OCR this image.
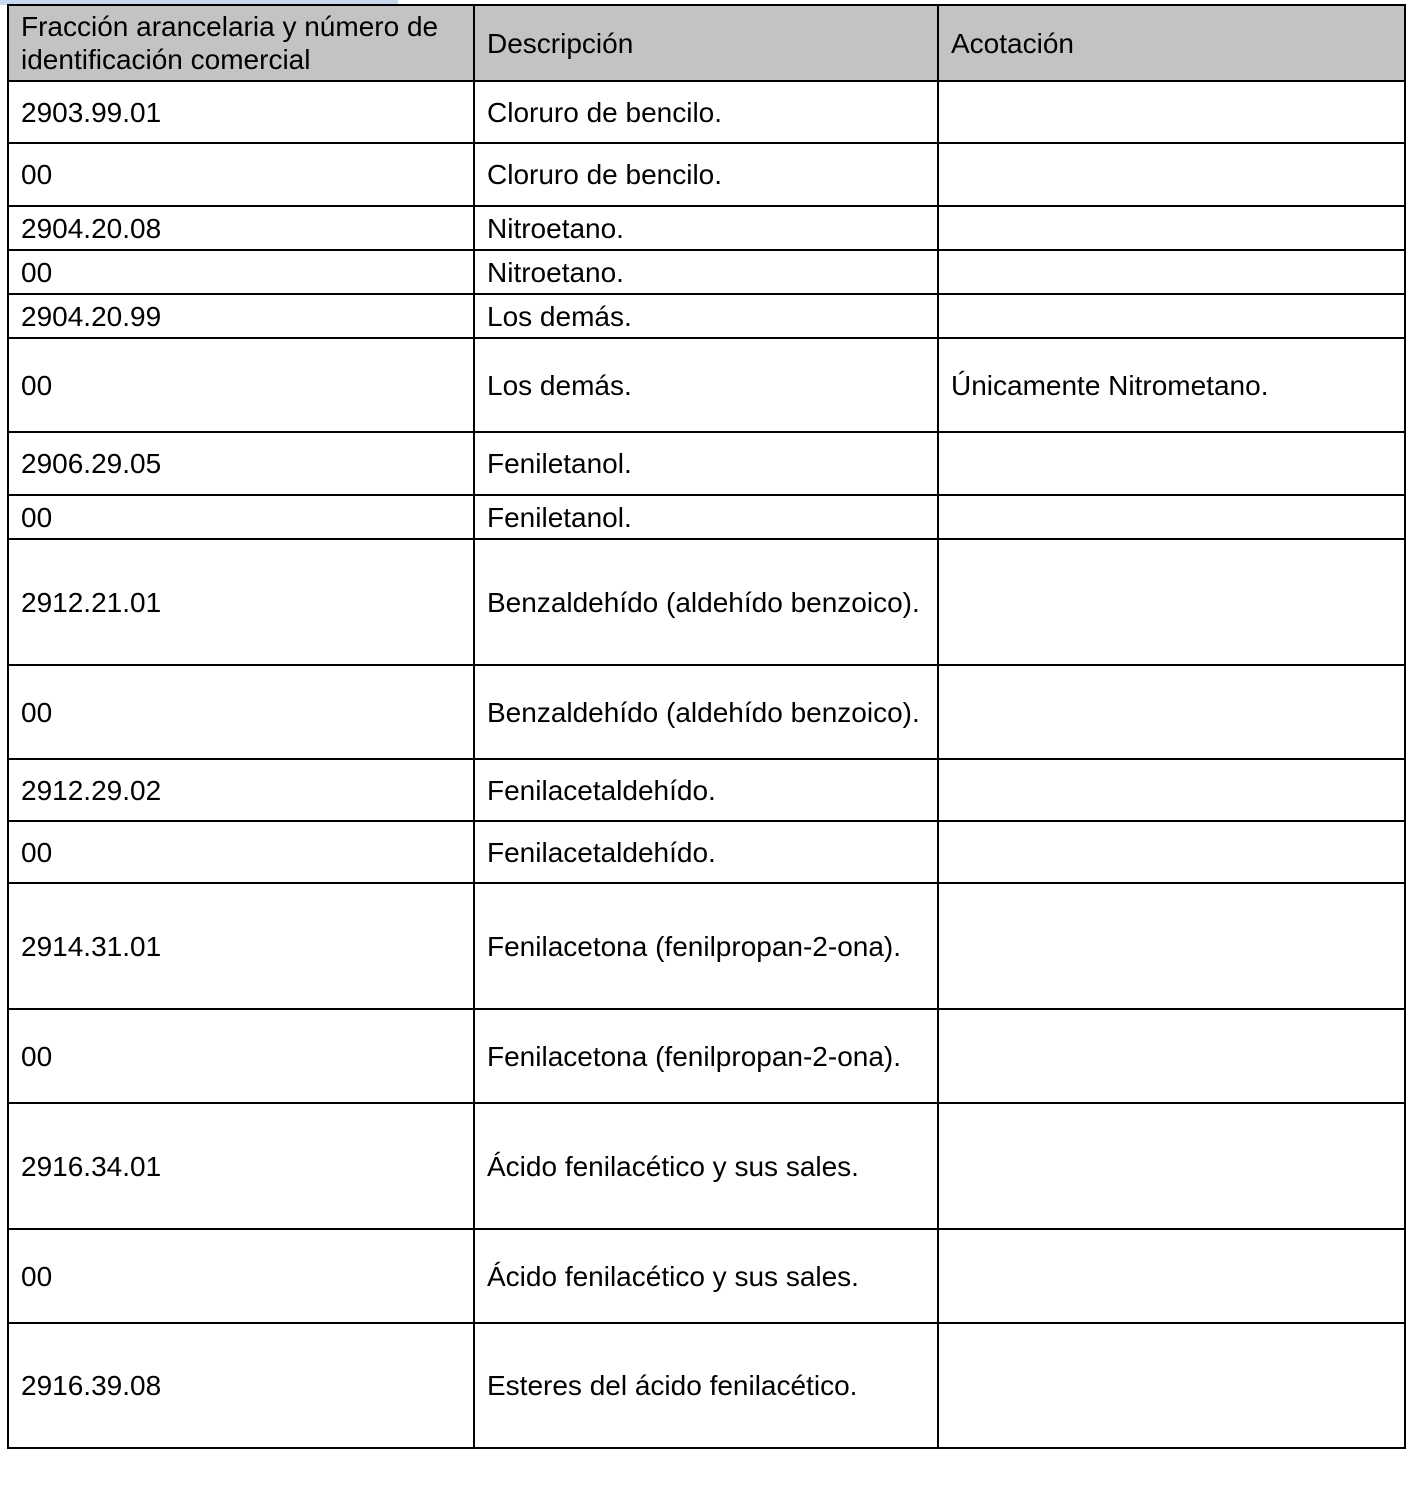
Fracción arancelaria y número de identificación comercial	Descripción	Acotación
2903.99.01	Cloruro de bencilo.	
00	Cloruro de bencilo.	
2904.20.08	Nitroetano.	
00	Nitroetano.	
2904.20.99	Los demás.	
00	Los demás.	Únicamente Nitrometano.
2906.29.05	Feniletanol.	
00	Feniletanol.	
2912.21.01	Benzaldehído (aldehído benzoico).	
00	Benzaldehído (aldehído benzoico).	
2912.29.02	Fenilacetaldehído.	
00	Fenilacetaldehído.	
2914.31.01	Fenilacetona (fenilpropan-2-ona).	
00	Fenilacetona (fenilpropan-2-ona).	
2916.34.01	Ácido fenilacético y sus sales.	
00	Ácido fenilacético y sus sales.	
2916.39.08	Esteres del ácido fenilacético.	
